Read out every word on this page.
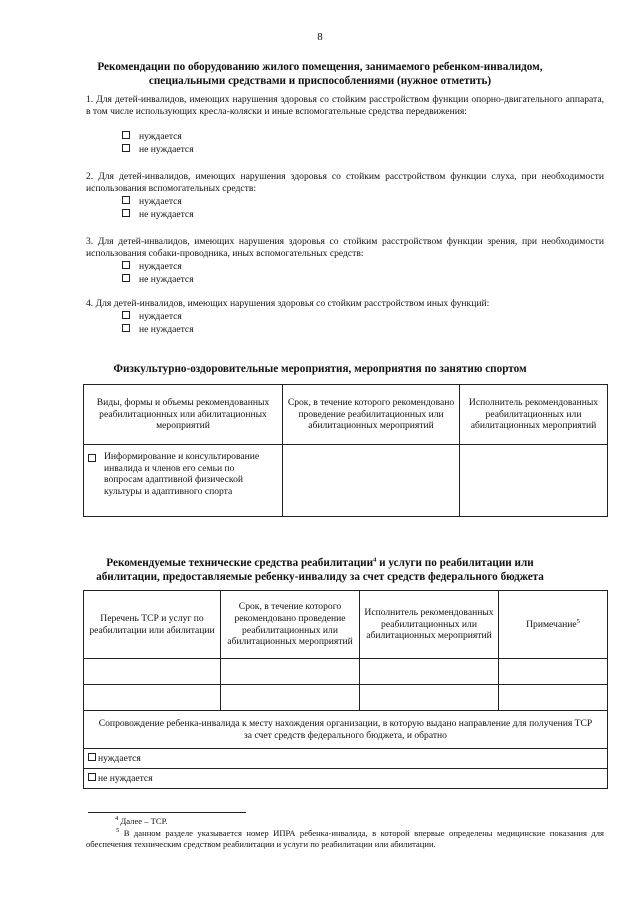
8
Рекомендации по оборудованию жилого помещения, занимаемого ребенком-инвалидом,
специальными средствами и приспособлениями (нужное отметить)
1. Для детей-инвалидов, имеющих нарушения здоровья со стойким расстройством функции опорно-двигательного аппарата, в том числе использующих кресла-коляски и иные вспомогательные средства передвижения:
нуждается
не нуждается
2. Для детей-инвалидов, имеющих нарушения здоровья со стойким расстройством функции слуха, при необходимости использования вспомогательных средств:
нуждается
не нуждается
3. Для детей-инвалидов, имеющих нарушения здоровья со стойким расстройством функции зрения, при необходимости использования собаки-проводника, иных вспомогательных средств:
нуждается
не нуждается
4. Для детей-инвалидов, имеющих нарушения здоровья со стойким расстройством иных функций:
нуждается
не нуждается
Физкультурно-оздоровительные мероприятия, мероприятия по занятию спортом
Виды, формы и объемы рекомендованных реабилитационных или абилитационных мероприятий	Срок, в течение которого рекомендовано проведение реабилитационных или абилитационных мероприятий	Исполнитель рекомендованных реабилитационных или абилитационных мероприятий

Информирование и консультирование инвалида и членов его семьи по вопросам адаптивной физической культуры и адаптивного спорта		

Рекомендуемые технические средства реабилитации$^4$ и услуги по реабилитации или
абилитации, предоставляемые ребенку-инвалиду за счет средств федерального бюджета
Перечень ТСР и услуг по реабилитации или абилитации	Срок, в течение которого рекомендовано проведение реабилитационных или абилитационных мероприятий	Исполнитель рекомендованных реабилитационных или абилитационных мероприятий	Примечание$^5$

Сопровождение ребенка-инвалида к месту нахождения организации, в которую выдано направление для получения ТСР за счет средств федерального бюджета, и обратно			
нуждается			
не нуждается			
$^4$ Далее – ТСР.
$^5$ В данном разделе указывается номер ИПРА ребенка-инвалида, в которой впервые определены медицинские показания для обеспечения техническим средством реабилитации и услуги по реабилитации или абилитации.
